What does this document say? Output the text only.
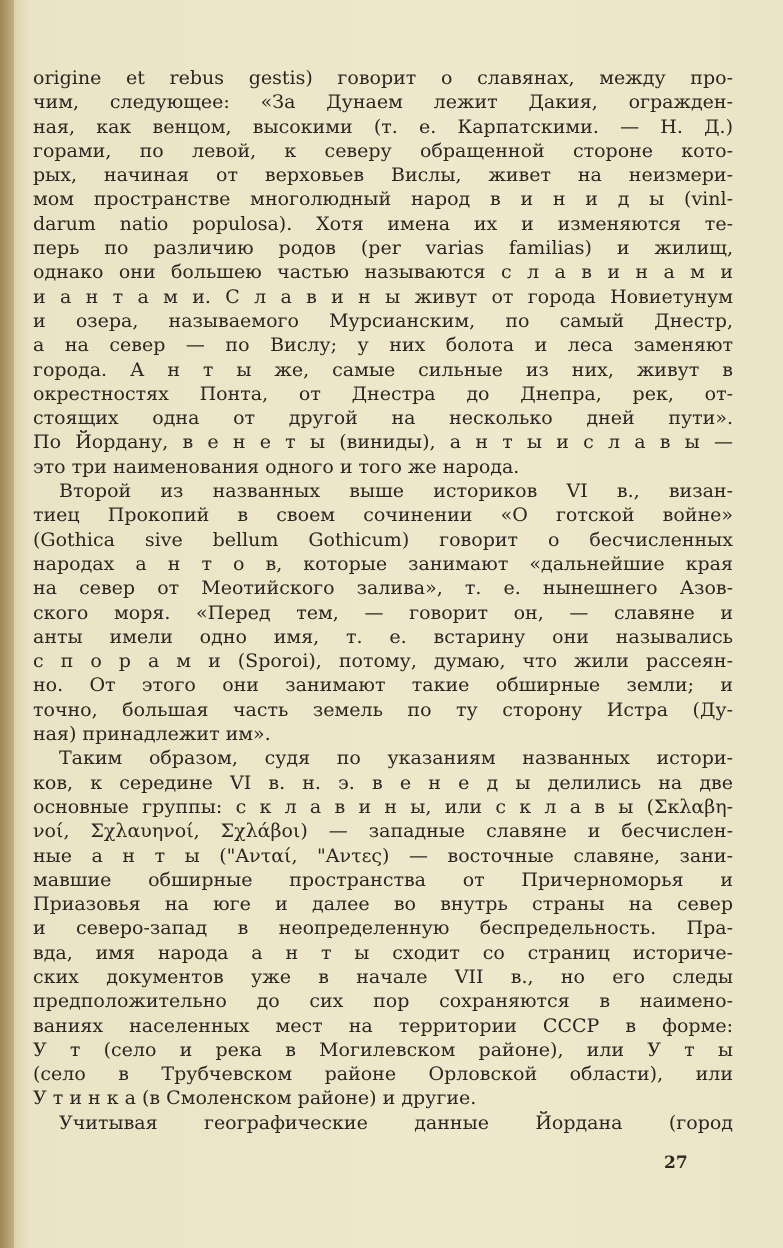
origine et rebus gestis) говорит о славянах, между про-
чим, следующее: «За Дунаем лежит Дакия, огражден-
ная, как венцом, высокими (т. е. Карпатскими. — Н. Д.)
горами, по левой, к северу обращенной стороне кото-
рых, начиная от верховьев Вислы, живет на неизмери-
мом пространстве многолюдный народ в и н и д ы (vinl-
darum natio populosa). Хотя имена их и изменяются те-
перь по различию родов (per varias familias) и жилищ,
однако они большею частью называются с л а в и н а м и
и а н т а м и. С л а в и н ы живут от города Новиетунум
и озера, называемого Мурсианским, по самый Днестр,
а на север — по Вислу; у них болота и леса заменяют
города. А н т ы же, самые сильные из них, живут в
окрестностях Понта, от Днестра до Днепра, рек, от-
стоящих одна от другой на несколько дней пути».
По Йордану, в е н е т ы (виниды), а н т ы и с л а в ы —
это три наименования одного и того же народа.
Второй из названных выше историков VI в., визан-
тиец Прокопий в своем сочинении «О готской войне»
(Gothica sive bellum Gothicum) говорит о бесчисленных
народах а н т о в, которые занимают «дальнейшие края
на север от Меотийского залива», т. е. нынешнего Азов-
ского моря. «Перед тем, — говорит он, — славяне и
анты имели одно имя, т. е. встарину они назывались
с п о р а м и (Sporoi), потому, думаю, что жили рассеян-
но. От этого они занимают такие обширные земли; и
точно, большая часть земель по ту сторону Истра (Ду-
ная) принадлежит им».
Таким образом, судя по указаниям названных истори-
ков, к середине VI в. н. э. в е н е д ы делились на две
основные группы: с к л а в и н ы, или с к л а в ы (Σκλαβη-
νοί, Σχλαυηνοί, Σχλάβοι) — западные славяне и бесчислен-
ные а н т ы ("Ανταί, "Αντες) — восточные славяне, зани-
мавшие обширные пространства от Причерноморья и
Приазовья на юге и далее во внутрь страны на север
и северо-запад в неопределенную беспредельность. Пра-
вда, имя народа а н т ы сходит со страниц историче-
ских документов уже в начале VII в., но его следы
предположительно до сих пор сохраняются в наимено-
ваниях населенных мест на территории СССР в форме:
У т (село и река в Могилевском районе), или У т ы
(село в Трубчевском районе Орловской области), или
У т и н к а (в Смоленском районе) и другие.
Учитывая географические данные Йордана (город
27
